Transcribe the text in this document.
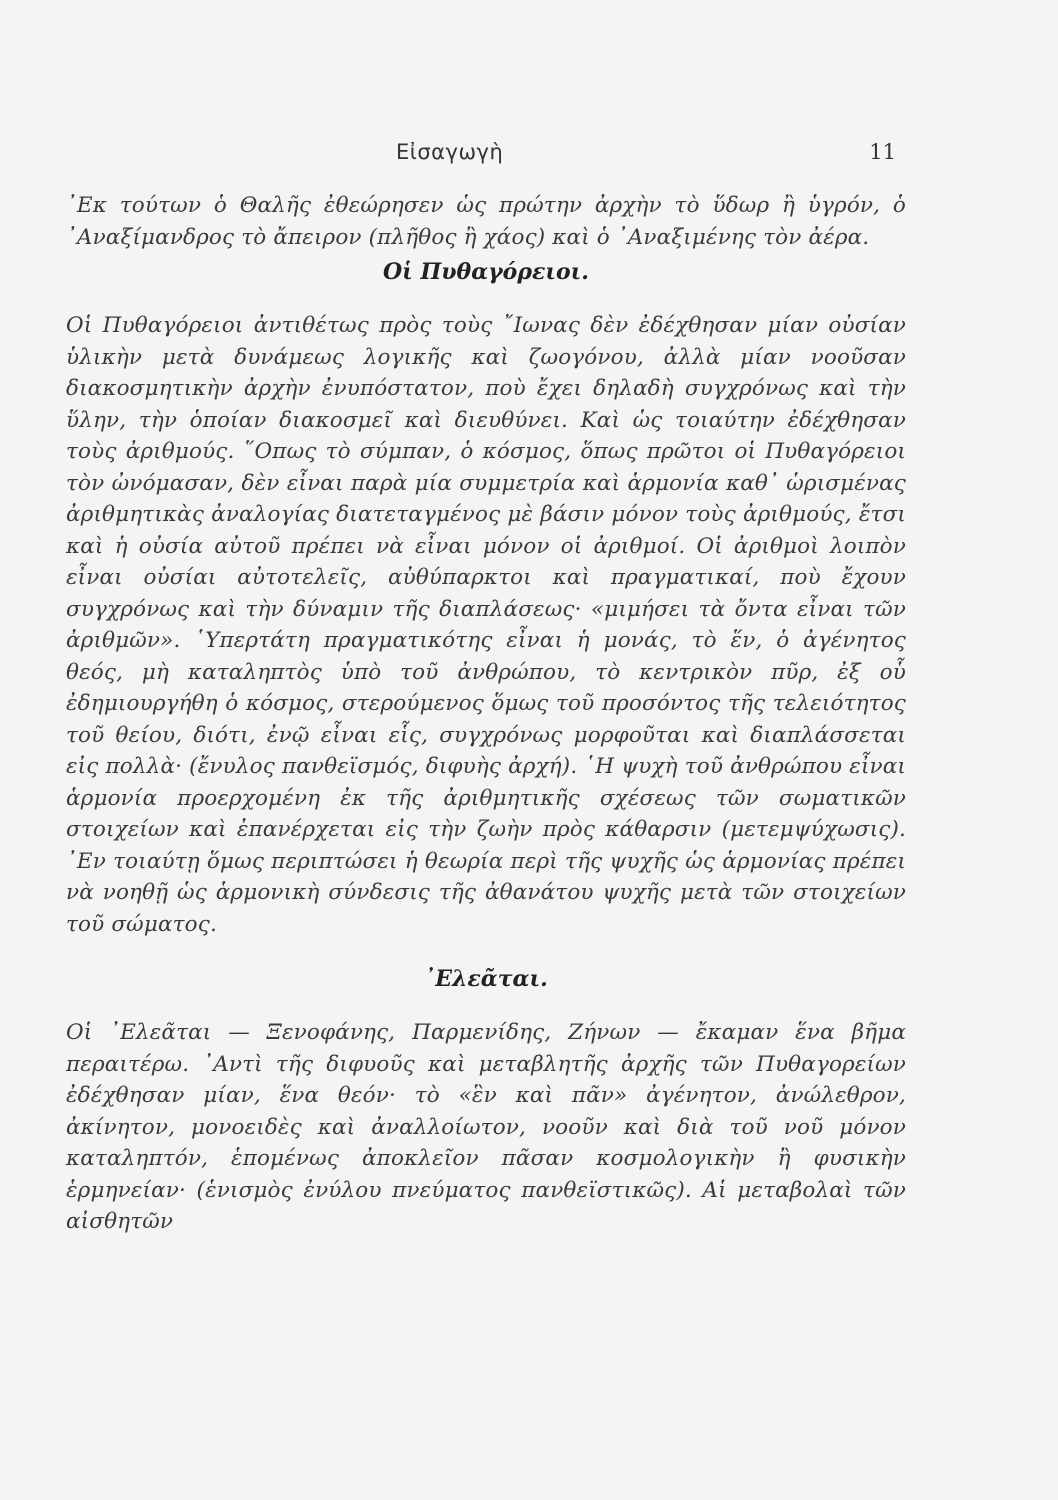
Εἰσαγωγὴ	11

᾿Εκ τούτων ὁ Θαλῆς ἐθεώρησεν ὡς πρώτην ἀρχὴν τὸ ὕδωρ ἢ ὑγρόν, ὁ ᾿Αναξίμανδρος τὸ ἄπειρον (πλῆθος ἢ χάος) καὶ ὁ ᾿Αναξιμένης τὸν ἀέρα.

Οἱ Πυθαγόρειοι.

Οἱ Πυθαγόρειοι ἀντιθέτως πρὸς τοὺς ῎Ιωνας δὲν ἐδέχθησαν μίαν οὐσίαν ὑλικὴν μετὰ δυνάμεως λογικῆς καὶ ζωογόνου, ἀλλὰ μίαν νοοῦσαν διακοσμητικὴν ἀρχὴν ἐνυπόστατον, ποὺ ἔχει δηλαδὴ συγχρόνως καὶ τὴν ὕλην, τὴν ὁποίαν διακοσμεῖ καὶ διευθύνει. Καὶ ὡς τοιαύτην ἐδέχθησαν τοὺς ἀριθμούς. ῞Οπως τὸ σύμπαν, ὁ κόσμος, ὅπως πρῶτοι οἱ Πυθαγόρειοι τὸν ὠνόμασαν, δὲν εἶναι παρὰ μία συμμετρία καὶ ἁρμονία καθ᾽ ὡρισμένας ἀριθμητικὰς ἀναλογίας διατεταγμένος μὲ βάσιν μόνον τοὺς ἀριθμούς, ἔτσι καὶ ἡ οὐσία αὐτοῦ πρέπει νὰ εἶναι μόνον οἱ ἀριθμοί. Οἱ ἀριθμοὶ λοιπὸν εἶναι οὐσίαι αὐτοτελεῖς, αὐθύπαρκτοι καὶ πραγματικαί, ποὺ ἔχουν συγχρόνως καὶ τὴν δύναμιν τῆς διαπλάσεως· «μιμήσει τὰ ὄντα εἶναι τῶν ἀριθμῶν». ῾Υπερτάτη πραγματικότης εἶναι ἡ μονάς, τὸ ἕν, ὁ ἀγένητος θεός, μὴ καταληπτὸς ὑπὸ τοῦ ἀνθρώπου, τὸ κεντρικὸν πῦρ, ἐξ οὗ ἐδημιουργήθη ὁ κόσμος, στερούμενος ὅμως τοῦ προσόντος τῆς τελειότητος τοῦ θείου, διότι, ἐνῷ εἶναι εἷς, συγχρόνως μορφοῦται καὶ διαπλάσσεται εἰς πολλὰ· (ἔνυλος πανθεϊσμός, διφυὴς ἀρχή). ῾Η ψυχὴ τοῦ ἀνθρώπου εἶναι ἁρμονία προερχομένη ἐκ τῆς ἀριθμητικῆς σχέσεως τῶν σωματικῶν στοιχείων καὶ ἐπανέρχεται εἰς τὴν ζωὴν πρὸς κάθαρσιν (μετεμψύχωσις). ᾿Εν τοιαύτῃ ὅμως περιπτώσει ἡ θεωρία περὶ τῆς ψυχῆς ὡς ἁρμονίας πρέπει νὰ νοηθῇ ὡς ἁρμονικὴ σύνδεσις τῆς ἀθανάτου ψυχῆς μετὰ τῶν στοιχείων τοῦ σώματος.

᾿Ελεᾶται.

Οἱ ᾿Ελεᾶται — Ξενοφάνης, Παρμενίδης, Ζήνων — ἔκαμαν ἕνα βῆμα περαιτέρω. ᾿Αντὶ τῆς διφυοῦς καὶ μεταβλητῆς ἀρχῆς τῶν Πυθαγορείων ἐδέχθησαν μίαν, ἕνα θεόν· τὸ «ἓν καὶ πᾶν» ἀγένητον, ἀνώλεθρον, ἀκίνητον, μονοειδὲς καὶ ἀναλλοίωτον, νοοῦν καὶ διὰ τοῦ νοῦ μόνον καταληπτόν, ἑπομένως ἀποκλεῖον πᾶσαν κοσμολογικὴν ἢ φυσικὴν ἑρμηνείαν· (ἑνισμὸς ἐνύλου πνεύματος πανθεϊστικῶς). Αἱ μεταβολαὶ τῶν αἰσθητῶν
